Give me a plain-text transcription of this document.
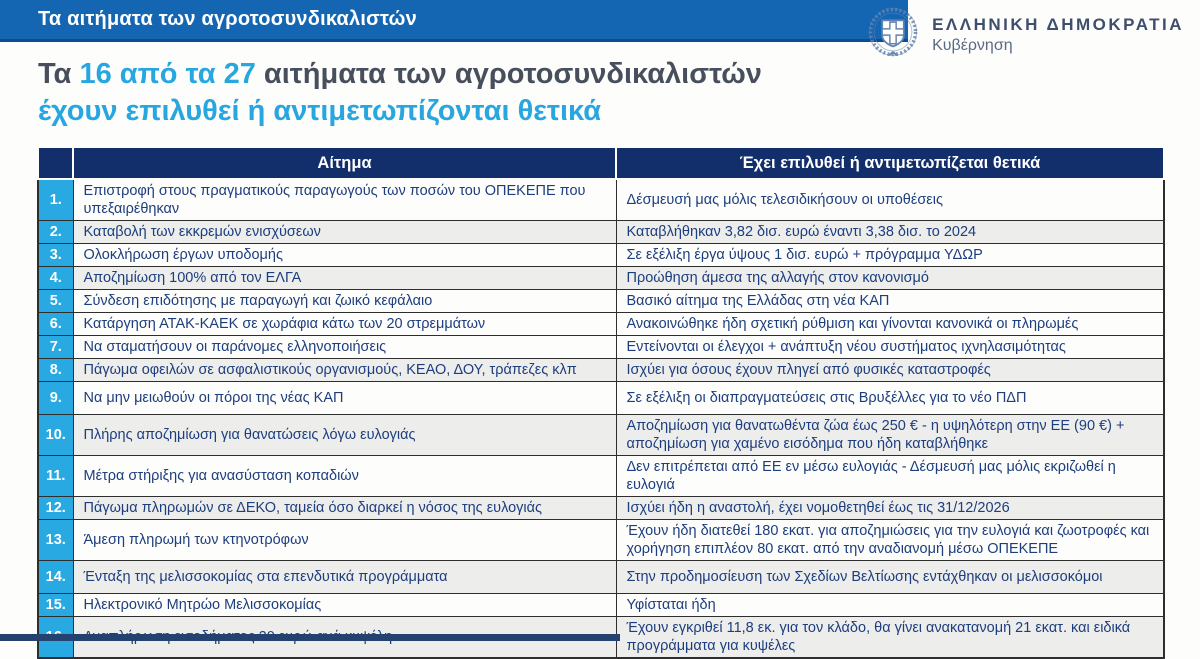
Τα αιτήματα των αγροτοσυνδικαλιστών	ΕΛΛΗΝΙΚΗ ΔΗΜΟΚΡΑΤΙΑ
Κυβέρνηση
Τα 16 από τα 27 αιτήματα των αγροτοσυνδικαλιστών
έχουν επιλυθεί ή αντιμετωπίζονται θετικά
	Αίτημα	Έχει επιλυθεί ή αντιμετωπίζεται θετικά
1.	Επιστροφή στους πραγματικούς παραγωγούς των ποσών του ΟΠΕΚΕΠΕ που υπεξαιρέθηκαν	Δέσμευσή μας μόλις τελεσιδικήσουν οι υποθέσεις
2.	Καταβολή των εκκρεμών ενισχύσεων	Καταβλήθηκαν 3,82 δισ. ευρώ έναντι 3,38 δισ. το 2024
3.	Ολοκλήρωση έργων υποδομής	Σε εξέλιξη έργα ύψους 1 δισ. ευρώ + πρόγραμμα ΥΔΩΡ
4.	Αποζημίωση 100% από τον ΕΛΓΑ	Προώθηση άμεσα της αλλαγής στον κανονισμό
5.	Σύνδεση επιδότησης με παραγωγή και ζωικό κεφάλαιο	Βασικό αίτημα της Ελλάδας στη νέα ΚΑΠ
6.	Κατάργηση ΑΤΑΚ-ΚΑΕΚ σε χωράφια κάτω των 20 στρεμμάτων	Ανακοινώθηκε ήδη σχετική ρύθμιση και γίνονται κανονικά οι πληρωμές
7.	Να σταματήσουν οι παράνομες ελληνοποιήσεις	Εντείνονται οι έλεγχοι + ανάπτυξη νέου συστήματος ιχνηλασιμότητας
8.	Πάγωμα οφειλών σε ασφαλιστικούς οργανισμούς, ΚΕΑΟ, ΔΟΥ, τράπεζες κλπ	Ισχύει για όσους έχουν πληγεί από φυσικές καταστροφές
9.	Να μην μειωθούν οι πόροι της νέας ΚΑΠ	Σε εξέλιξη οι διαπραγματεύσεις στις Βρυξέλλες για το νέο ΠΔΠ
10.	Πλήρης αποζημίωση για θανατώσεις λόγω ευλογιάς	Αποζημίωση για θανατωθέντα ζώα έως 250 € - η υψηλότερη στην ΕΕ (90 €) + αποζημίωση για χαμένο εισόδημα που ήδη καταβλήθηκε
11.	Μέτρα στήριξης για ανασύσταση κοπαδιών	Δεν επιτρέπεται από ΕΕ εν μέσω ευλογιάς - Δέσμευσή μας μόλις εκριζωθεί η ευλογιά
12.	Πάγωμα πληρωμών σε ΔΕΚΟ, ταμεία όσο διαρκεί η νόσος της ευλογιάς	Ισχύει ήδη η αναστολή, έχει νομοθετηθεί έως τις 31/12/2026
13.	Άμεση πληρωμή των κτηνοτρόφων	Έχουν ήδη διατεθεί 180 εκατ. για αποζημιώσεις για την ευλογιά και ζωοτροφές και χορήγηση επιπλέον 80 εκατ. από την αναδιανομή μέσω ΟΠΕΚΕΠΕ
14.	Ένταξη της μελισσοκομίας στα επενδυτικά προγράμματα	Στην προδημοσίευση των Σχεδίων Βελτίωσης εντάχθηκαν οι μελισσοκόμοι
15.	Ηλεκτρονικό Μητρώο Μελισσοκομίας	Υφίσταται ήδη
		Έχουν εγκριθεί 11,8 εκ. για τον κλάδο, θα γίνει ανακατανομή 21 εκατ. και ειδικά προγράμματα για κυψέλες
